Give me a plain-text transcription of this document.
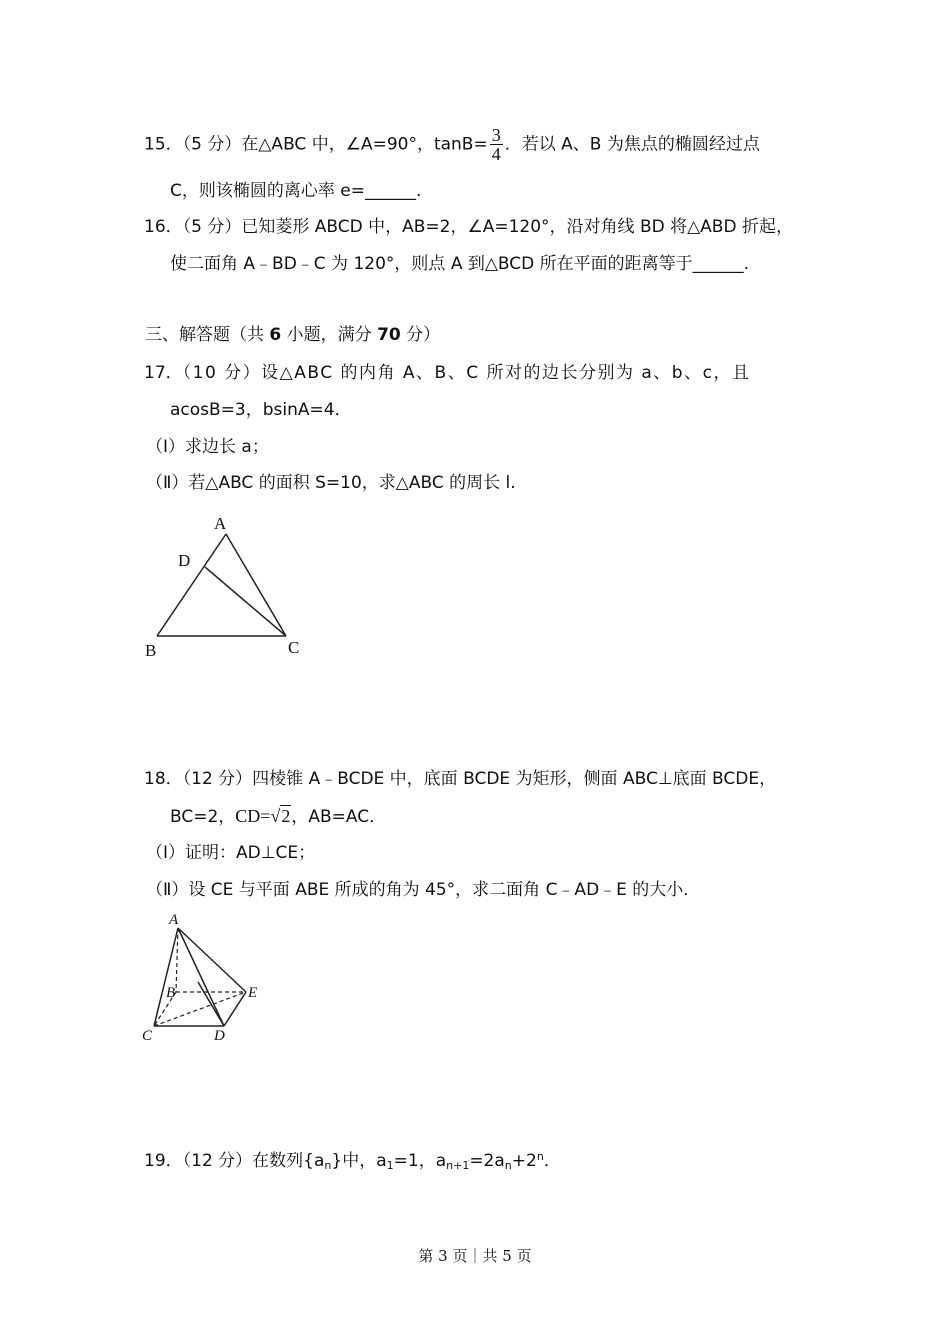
15．（5 分）在△ABC 中，∠A=90°，$\tan B= \frac{3}{4}$ ．若以 A、B 为焦点的椭圆经过点
C，则该椭圆的离心率 e=______.
16．（5 分）已知菱形 ABCD 中，AB=2，∠A=120°，沿对角线 BD 将△ABD 折起，
使二面角 A﹣BD﹣C 为 120°，则点 A 到△BCD 所在平面的距离等于______.
三、解答题（共 6 小题，满分 70 分）
17．（10 分）设△ABC 的内角 A、B、C 所对的边长分别为 a、b、c，且
acosB=3，bsinA=4．
（Ⅰ）求边长 a；
（Ⅱ）若△ABC 的面积 S=10，求△ABC 的周长 l.
A
D
B	C
18．（12 分）四棱锥 A﹣BCDE 中，底面 BCDE 为矩形，侧面 ABC⊥底面 BCDE，
BC=2，CD=√2，AB=AC．
（Ⅰ）证明：AD⊥CE；
（Ⅱ）设 CE 与平面 ABE 所成的角为 45°，求二面角 C﹣AD﹣E 的大小．
A
B	E
C	D
19．（12 分）在数列$\{a_n\}$中，$a_1=1$，$a_{n+1}=2a_n+2^n$．
第 3 页｜共 5 页
